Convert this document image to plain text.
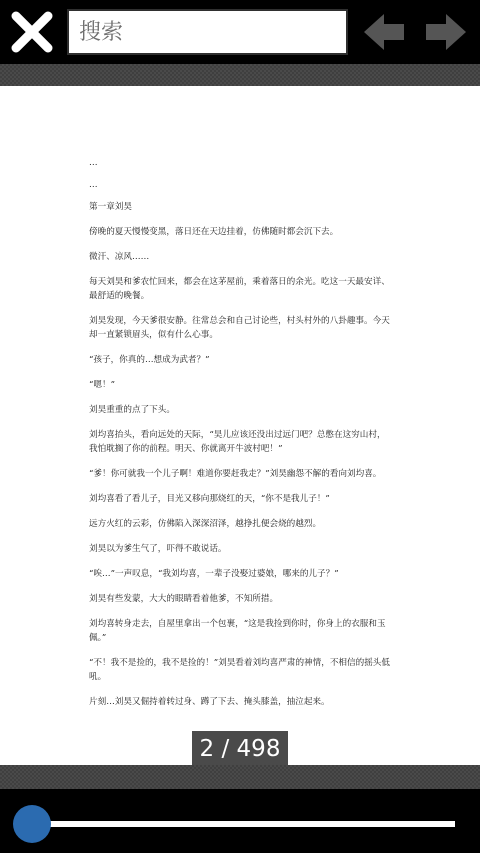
搜索

…

…

第一章刘昊

傍晚的夏天慢慢变黑，落日还在天边挂着，仿佛随时都会沉下去。

微汗、凉风……

每天刘昊和爹农忙回来，都会在这茅屋前，乘着落日的余光。吃这一天最安详、最舒适的晚餐。

刘昊发现，今天爹很安静。往常总会和自己讨论些，村头村外的八卦趣事。今天却一直紧锁眉头，似有什么心事。

“孩子，你真的…想成为武者？”

“嗯！”

刘昊重重的点了下头。

刘均喜抬头，看向远处的天际，“昊儿应该还没出过远门吧？总憋在这穷山村，我怕耽搁了你的前程。明天、你就离开牛波村吧！”

“爹！你可就我一个儿子啊！难道你要赶我走？”刘昊幽怨不解的看向刘均喜。

刘均喜看了看儿子，目光又移向那烧红的天，“你不是我儿子！”

远方火红的云彩，仿佛陷入深深沼泽，越挣扎便会烧的越烈。

刘昊以为爹生气了，吓得不敢说话。

“唉…”一声叹息，“我刘均喜，一辈子没娶过婆娘，哪来的儿子？”

刘昊有些发蒙，大大的眼睛看着他爹，不知所措。

刘均喜转身走去，自屋里拿出一个包裹，“这是我捡到你时，你身上的衣服和玉佩。”

“不！我不是捡的，我不是捡的！”刘昊看着刘均喜严肃的神情，不相信的摇头低吼。

片刻…刘昊又倔持着转过身、蹲了下去、掩头膝盖，抽泣起来。

2 / 498
